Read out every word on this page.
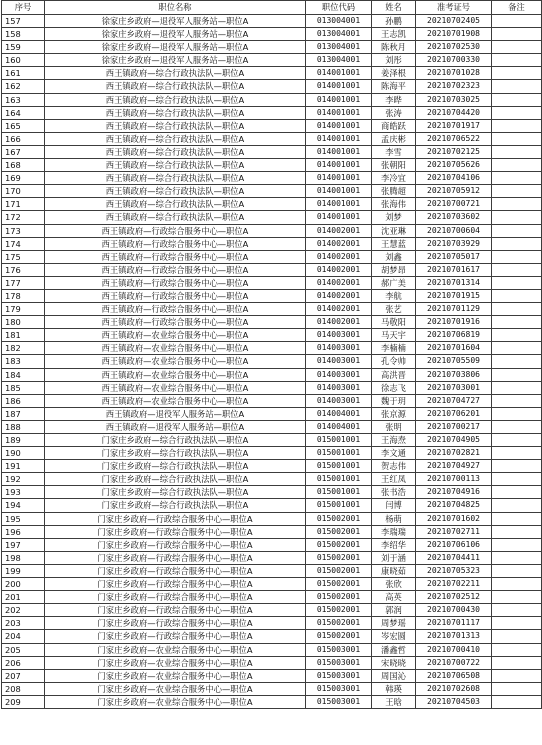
序号	职位名称	职位代码	姓名	准考证号	备注
157	徐家庄乡政府—退役军人服务站—职位A	013004001	孙鹏	20210702405	
158	徐家庄乡政府—退役军人服务站—职位A	013004001	王志凯	20210701908	
159	徐家庄乡政府—退役军人服务站—职位A	013004001	陈秋月	20210702530	
160	徐家庄乡政府—退役军人服务站—职位A	013004001	刘彤	20210700330	
161	西王镇政府—综合行政执法队—职位A	014001001	姜泽根	20210701028	
162	西王镇政府—综合行政执法队—职位A	014001001	陈海平	20210702323	
163	西王镇政府—综合行政执法队—职位A	014001001	李晔	20210703025	
164	西王镇政府—综合行政执法队—职位A	014001001	张涛	20210704420	
165	西王镇政府—综合行政执法队—职位A	014001001	商皓跃	20210701917	
166	西王镇政府—综合行政执法队—职位A	014001001	孟庆彬	20210706522	
167	西王镇政府—综合行政执法队—职位A	014001001	李雪	20210702125	
168	西王镇政府—综合行政执法队—职位A	014001001	张朝阳	20210705626	
169	西王镇政府—综合行政执法队—职位A	014001001	李冷宜	20210704106	
170	西王镇政府—综合行政执法队—职位A	014001001	张腾超	20210705912	
171	西王镇政府—综合行政执法队—职位A	014001001	张海伟	20210700721	
172	西王镇政府—综合行政执法队—职位A	014001001	刘梦	20210703602	
173	西王镇政府—行政综合服务中心—职位A	014002001	沈亚琳	20210700604	
174	西王镇政府—行政综合服务中心—职位A	014002001	王慧蓝	20210703929	
175	西王镇政府—行政综合服务中心—职位A	014002001	刘鑫	20210705017	
176	西王镇政府—行政综合服务中心—职位A	014002001	胡梦昂	20210701617	
177	西王镇政府—行政综合服务中心—职位A	014002001	郝广美	20210701314	
178	西王镇政府—行政综合服务中心—职位A	014002001	李航	20210701915	
179	西王镇政府—行政综合服务中心—职位A	014002001	张艺	20210701129	
180	西王镇政府—行政综合服务中心—职位A	014002001	马敬阳	20210701916	
181	西王镇政府—农业综合服务中心—职位A	014003001	马天宇	20210706819	
182	西王镇政府—农业综合服务中心—职位A	014003001	李楠楠	20210701604	
183	西王镇政府—农业综合服务中心—职位A	014003001	孔令帅	20210705509	
184	西王镇政府—农业综合服务中心—职位A	014003001	高洪晋	20210703806	
185	西王镇政府—农业综合服务中心—职位A	014003001	徐志飞	20210703001	
186	西王镇政府—农业综合服务中心—职位A	014003001	魏于玥	20210704727	
187	西王镇政府—退役军人服务站—职位A	014004001	张京源	20210706201	
188	西王镇政府—退役军人服务站—职位A	014004001	张明	20210700217	
189	门家庄乡政府—综合行政执法队—职位A	015001001	王海焘	20210704905	
190	门家庄乡政府—综合行政执法队—职位A	015001001	李文通	20210702821	
191	门家庄乡政府—综合行政执法队—职位A	015001001	贺志伟	20210704927	
192	门家庄乡政府—综合行政执法队—职位A	015001001	王红凤	20210700113	
193	门家庄乡政府—综合行政执法队—职位A	015001001	张书浩	20210704916	
194	门家庄乡政府—综合行政执法队—职位A	015001001	闫博	20210704825	
195	门家庄乡政府—行政综合服务中心—职位A	015002001	杨萌	20210701602	
196	门家庄乡政府—行政综合服务中心—职位A	015002001	李瑞瑞	20210702711	
197	门家庄乡政府—行政综合服务中心—职位A	015002001	李绍华	20210706106	
198	门家庄乡政府—行政综合服务中心—职位A	015002001	刘于涵	20210704411	
199	门家庄乡政府—行政综合服务中心—职位A	015002001	康晓茹	20210705323	
200	门家庄乡政府—行政综合服务中心—职位A	015002001	张欣	20210702211	
201	门家庄乡政府—行政综合服务中心—职位A	015002001	高英	20210702512	
202	门家庄乡政府—行政综合服务中心—职位A	015002001	郭润	20210700430	
203	门家庄乡政府—行政综合服务中心—职位A	015002001	周梦瑶	20210701117	
204	门家庄乡政府—行政综合服务中心—职位A	015002001	岑宏圆	20210701313	
205	门家庄乡政府—农业综合服务中心—职位A	015003001	潘鑫哲	20210700410	
206	门家庄乡政府—农业综合服务中心—职位A	015003001	宋晓晓	20210700722	
207	门家庄乡政府—农业综合服务中心—职位A	015003001	周国沁	20210706508	
208	门家庄乡政府—农业综合服务中心—职位A	015003001	韩瑛	20210702608	
209	门家庄乡政府—农业综合服务中心—职位A	015003001	王晗	20210704503	
